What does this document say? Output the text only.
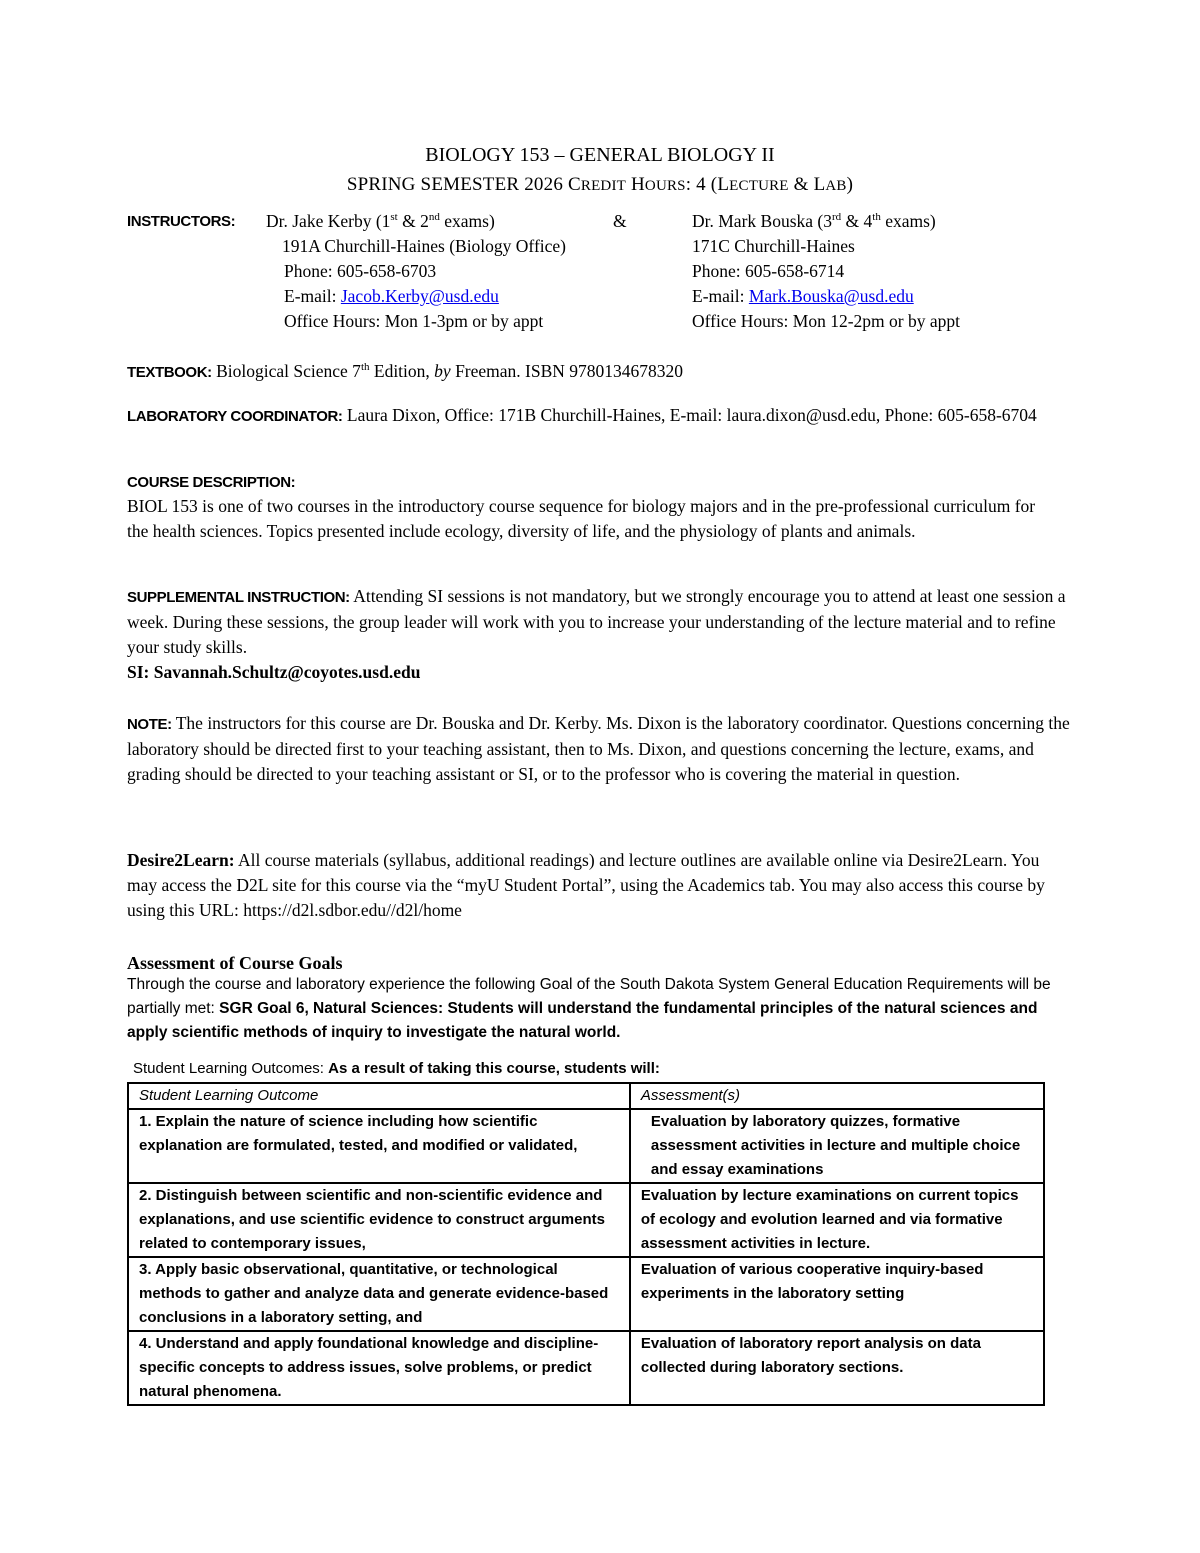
BIOLOGY 153 – GENERAL BIOLOGY II
SPRING SEMESTER 2026 CREDIT HOURS: 4 (LECTURE & LAB)
INSTRUCTORS: Dr. Jake Kerby (1st & 2nd exams)
191A Churchill-Haines (Biology Office)
Phone: 605-658-6703
E-mail: Jacob.Kerby@usd.edu
Office Hours: Mon 1-3pm or by appt
&	Dr. Mark Bouska (3rd & 4th exams)
171C Churchill-Haines
Phone: 605-658-6714
E-mail: Mark.Bouska@usd.edu
Office Hours: Mon 12-2pm or by appt
TEXTBOOK: Biological Science 7th Edition, by Freeman. ISBN 9780134678320
LABORATORY COORDINATOR: Laura Dixon, Office: 171B Churchill-Haines, E-mail: laura.dixon@usd.edu, Phone: 605-658-6704
COURSE DESCRIPTION:
BIOL 153 is one of two courses in the introductory course sequence for biology majors and in the pre-professional curriculum for the health sciences. Topics presented include ecology, diversity of life, and the physiology of plants and animals.
SUPPLEMENTAL INSTRUCTION: Attending SI sessions is not mandatory, but we strongly encourage you to attend at least one session a week. During these sessions, the group leader will work with you to increase your understanding of the lecture material and to refine your study skills.
SI: Savannah.Schultz@coyotes.usd.edu
NOTE: The instructors for this course are Dr. Bouska and Dr. Kerby. Ms. Dixon is the laboratory coordinator. Questions concerning the laboratory should be directed first to your teaching assistant, then to Ms. Dixon, and questions concerning the lecture, exams, and grading should be directed to your teaching assistant or SI, or to the professor who is covering the material in question.
Desire2Learn: All course materials (syllabus, additional readings) and lecture outlines are available online via Desire2Learn. You may access the D2L site for this course via the “myU Student Portal”, using the Academics tab. You may also access this course by using this URL: https://d2l.sdbor.edu//d2l/home
Assessment of Course Goals
Through the course and laboratory experience the following Goal of the South Dakota System General Education Requirements will be partially met: SGR Goal 6, Natural Sciences: Students will understand the fundamental principles of the natural sciences and apply scientific methods of inquiry to investigate the natural world.
Student Learning Outcomes: As a result of taking this course, students will:
Student Learning Outcome	Assessment(s)
1. Explain the nature of science including how scientific explanation are formulated, tested, and modified or validated,	Evaluation by laboratory quizzes, formative assessment activities in lecture and multiple choice and essay examinations
2. Distinguish between scientific and non-scientific evidence and explanations, and use scientific evidence to construct arguments related to contemporary issues,	Evaluation by lecture examinations on current topics of ecology and evolution learned and via formative assessment activities in lecture.
3. Apply basic observational, quantitative, or technological methods to gather and analyze data and generate evidence-based conclusions in a laboratory setting, and	Evaluation of various cooperative inquiry-based experiments in the laboratory setting
4. Understand and apply foundational knowledge and discipline-specific concepts to address issues, solve problems, or predict natural phenomena.	Evaluation of laboratory report analysis on data collected during laboratory sections.
